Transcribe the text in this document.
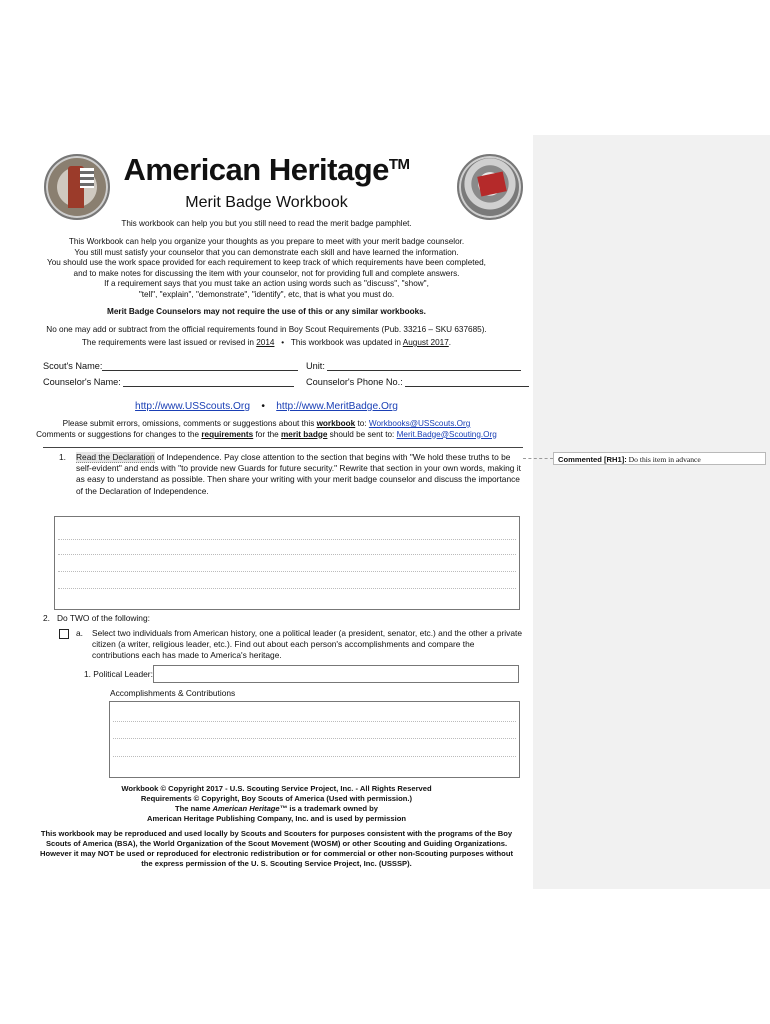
American Heritage™
Merit Badge Workbook
This workbook can help you but you still need to read the merit badge pamphlet.
This Workbook can help you organize your thoughts as you prepare to meet with your merit badge counselor.
You still must satisfy your counselor that you can demonstrate each skill and have learned the information.
You should use the work space provided for each requirement to keep track of which requirements have been completed,
and to make notes for discussing the item with your counselor, not for providing full and complete answers.
If a requirement says that you must take an action using words such as "discuss", "show",
"tell", "explain", "demonstrate", "identify", etc, that is what you must do.
Merit Badge Counselors may not require the use of this or any similar workbooks.
No one may add or subtract from the official requirements found in Boy Scout Requirements (Pub. 33216 – SKU 637685).
The requirements were last issued or revised in 2014 • This workbook was updated in August 2017.
Scout's Name:	Unit:
Counselor's Name:	Counselor's Phone No.:
http://www.USScouts.Org • http://www.MeritBadge.Org
Please submit errors, omissions, comments or suggestions about this workbook to: Workbooks@USScouts.Org
Comments or suggestions for changes to the requirements for the merit badge should be sent to: Merit.Badge@Scouting.Org
1. Read the Declaration of Independence. Pay close attention to the section that begins with "We hold these truths to be self-evident" and ends with "to provide new Guards for future security." Rewrite that section in your own words, making it as easy to understand as possible. Then share your writing with your merit badge counselor and discuss the importance of the Declaration of Independence.
2. Do TWO of the following:
a. Select two individuals from American history, one a political leader (a president, senator, etc.) and the other a private citizen (a writer, religious leader, etc.). Find out about each person's accomplishments and compare the contributions each has made to America's heritage.
1. Political Leader:
Accomplishments & Contributions
Workbook © Copyright 2017 - U.S. Scouting Service Project, Inc. - All Rights Reserved
Requirements © Copyright, Boy Scouts of America (Used with permission.)
The name American Heritage™ is a trademark owned by
American Heritage Publishing Company, Inc. and is used by permission
This workbook may be reproduced and used locally by Scouts and Scouters for purposes consistent with the programs of the Boy
Scouts of America (BSA), the World Organization of the Scout Movement (WOSM) or other Scouting and Guiding Organizations.
However it may NOT be used or reproduced for electronic redistribution or for commercial or other non-Scouting purposes without
the express permission of the U. S. Scouting Service Project, Inc. (USSSP).
Commented [RH1]: Do this item in advance
